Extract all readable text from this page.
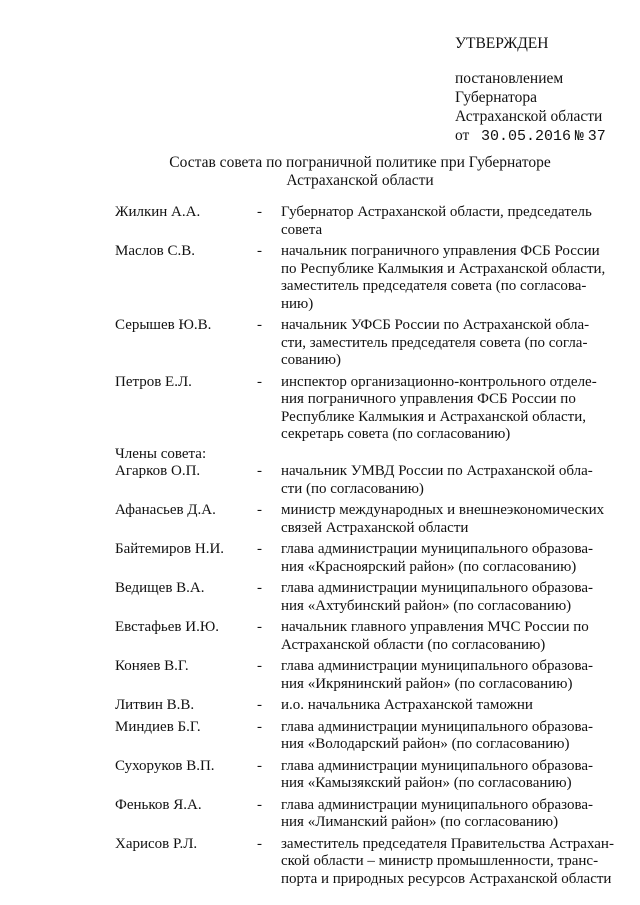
УТВЕРЖДЕН
постановлением
Губернатора
Астраханской области
от 30.05.2016 № 37
Состав совета по пограничной политике при Губернаторе
Астраханской области
Жилкин А.А.	- Губернатор Астраханской области, председатель
совета
Маслов С.В.	- начальник пограничного управления ФСБ России
по Республике Калмыкия и Астраханской области,
заместитель председателя совета (по согласова-
нию)
Серышев Ю.В.	- начальник УФСБ России по Астраханской обла-
сти, заместитель председателя совета (по согла-
сованию)
Петров Е.Л.	- инспектор организационно-контрольного отделе-
ния пограничного управления ФСБ России по
Республике Калмыкия и Астраханской области,
секретарь совета (по согласованию)
Члены совета:
Агарков О.П.	- начальник УМВД России по Астраханской обла-
сти (по согласованию)
Афанасьев Д.А.	- министр международных и внешнеэкономических
связей Астраханской области
Байтемиров Н.И. - глава администрации муниципального образова-
ния «Красноярский район» (по согласованию)
Ведищев В.А.	- глава администрации муниципального образова-
ния «Ахтубинский район» (по согласованию)
Евстафьев И.Ю.	- начальник главного управления МЧС России по
Астраханской области (по согласованию)
Коняев В.Г.	- глава администрации муниципального образова-
ния «Икрянинский район» (по согласованию)
Литвин В.В.	- и.о. начальника Астраханской таможни
Миндиев Б.Г.	- глава администрации муниципального образова-
ния «Володарский район» (по согласованию)
Сухоруков В.П.	- глава администрации муниципального образова-
ния «Камызякский район» (по согласованию)
Феньков Я.А.	- глава администрации муниципального образова-
ния «Лиманский район» (по согласованию)
Харисов Р.Л.	- заместитель председателя Правительства Астрахан-
ской области – министр промышленности, транс-
порта и природных ресурсов Астраханской области
